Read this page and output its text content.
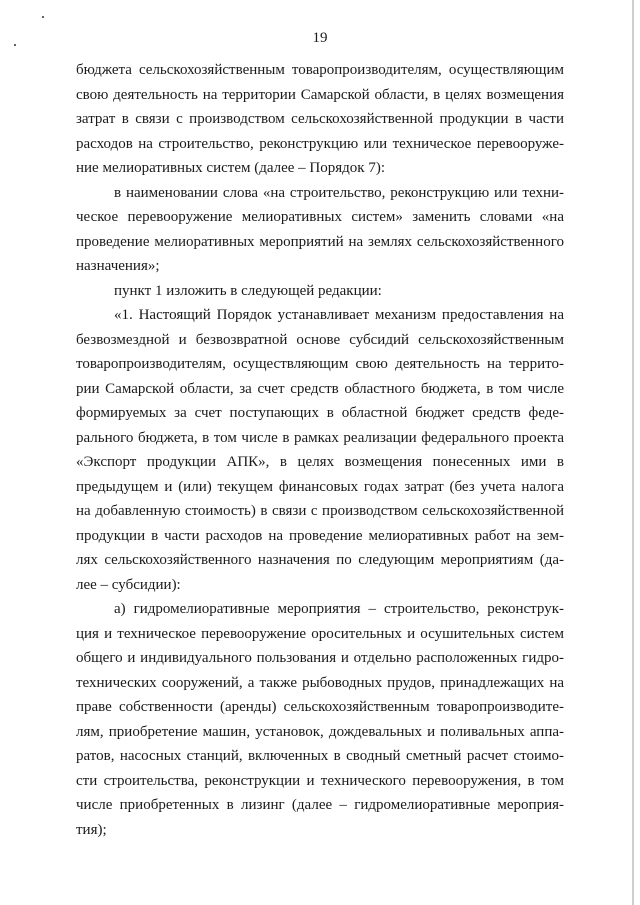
19
бюджета сельскохозяйственным товаропроизводителям, осуществляющим
свою деятельность на территории Самарской области, в целях возмещения
затрат в связи с производством сельскохозяйственной продукции в части
расходов на строительство, реконструкцию или техническое перевооруже-
ние мелиоративных систем (далее – Порядок 7):
в наименовании слова «на строительство, реконструкцию или техни-
ческое перевооружение мелиоративных систем» заменить словами «на
проведение мелиоративных мероприятий на землях сельскохозяйственного
назначения»;
пункт 1 изложить в следующей редакции:
«1. Настоящий Порядок устанавливает механизм предоставления на
безвозмездной и безвозвратной основе субсидий сельскохозяйственным
товаропроизводителям, осуществляющим свою деятельность на террито-
рии Самарской области, за счет средств областного бюджета, в том числе
формируемых за счет поступающих в областной бюджет средств феде-
рального бюджета, в том числе в рамках реализации федерального проекта
«Экспорт продукции АПК», в целях возмещения понесенных ими в
предыдущем и (или) текущем финансовых годах затрат (без учета налога
на добавленную стоимость) в связи с производством сельскохозяйственной
продукции в части расходов на проведение мелиоративных работ на зем-
лях сельскохозяйственного назначения по следующим мероприятиям (да-
лее – субсидии):
а) гидромелиоративные мероприятия – строительство, реконструк-
ция и техническое перевооружение оросительных и осушительных систем
общего и индивидуального пользования и отдельно расположенных гидро-
технических сооружений, а также рыбоводных прудов, принадлежащих на
праве собственности (аренды) сельскохозяйственным товаропроизводите-
лям, приобретение машин, установок, дождевальных и поливальных аппа-
ратов, насосных станций, включенных в сводный сметный расчет стоимо-
сти строительства, реконструкции и технического перевооружения, в том
числе приобретенных в лизинг (далее – гидромелиоративные мероприя-
тия);
